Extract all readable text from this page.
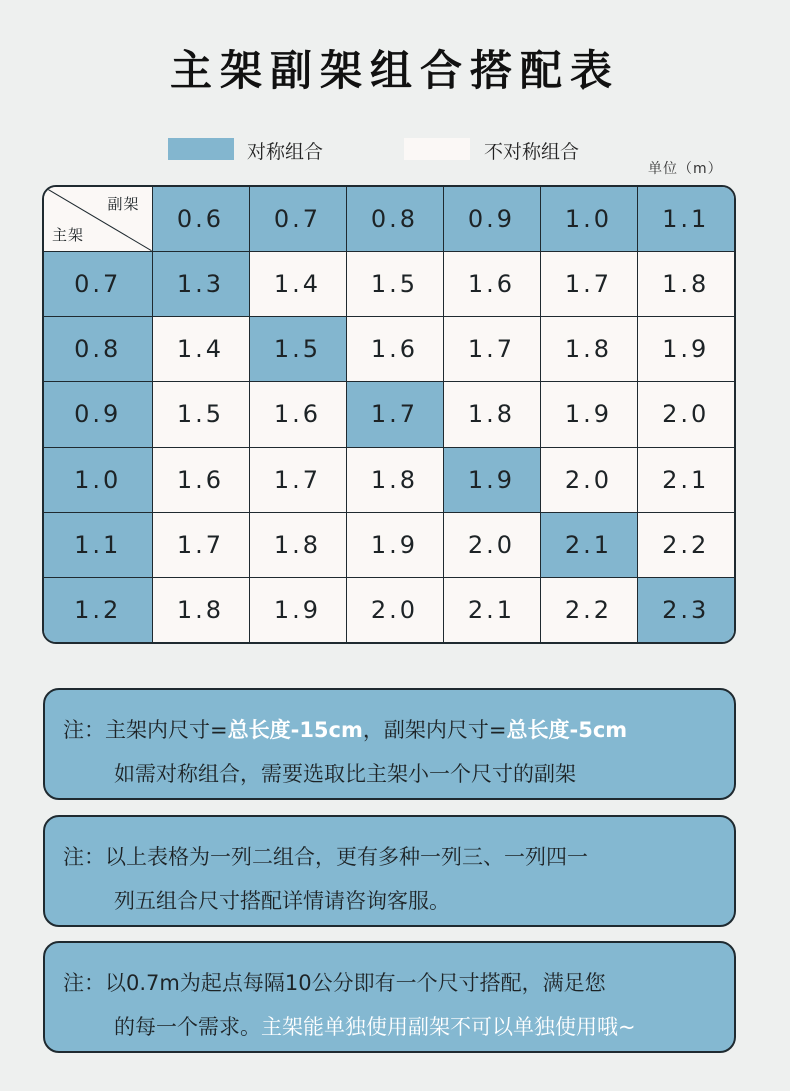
主架副架组合搭配表
对称组合	不对称组合
单位（m）
副架
主架	0.6	0.7	0.8	0.9	1.0	1.1
0.7	1.3	1.4	1.5	1.6	1.7	1.8
0.8	1.4	1.5	1.6	1.7	1.8	1.9
0.9	1.5	1.6	1.7	1.8	1.9	2.0
1.0	1.6	1.7	1.8	1.9	2.0	2.1
1.1	1.7	1.8	1.9	2.0	2.1	2.2
1.2	1.8	1.9	2.0	2.1	2.2	2.3
注：主架内尺寸=总长度-15cm，副架内尺寸=总长度-5cm
如需对称组合，需要选取比主架小一个尺寸的副架
注：以上表格为一列二组合，更有多种一列三、一列四一
列五组合尺寸搭配详情请咨询客服。
注：以0.7m为起点每隔10公分即有一个尺寸搭配，满足您
的每一个需求。主架能单独使用副架不可以单独使用哦~
